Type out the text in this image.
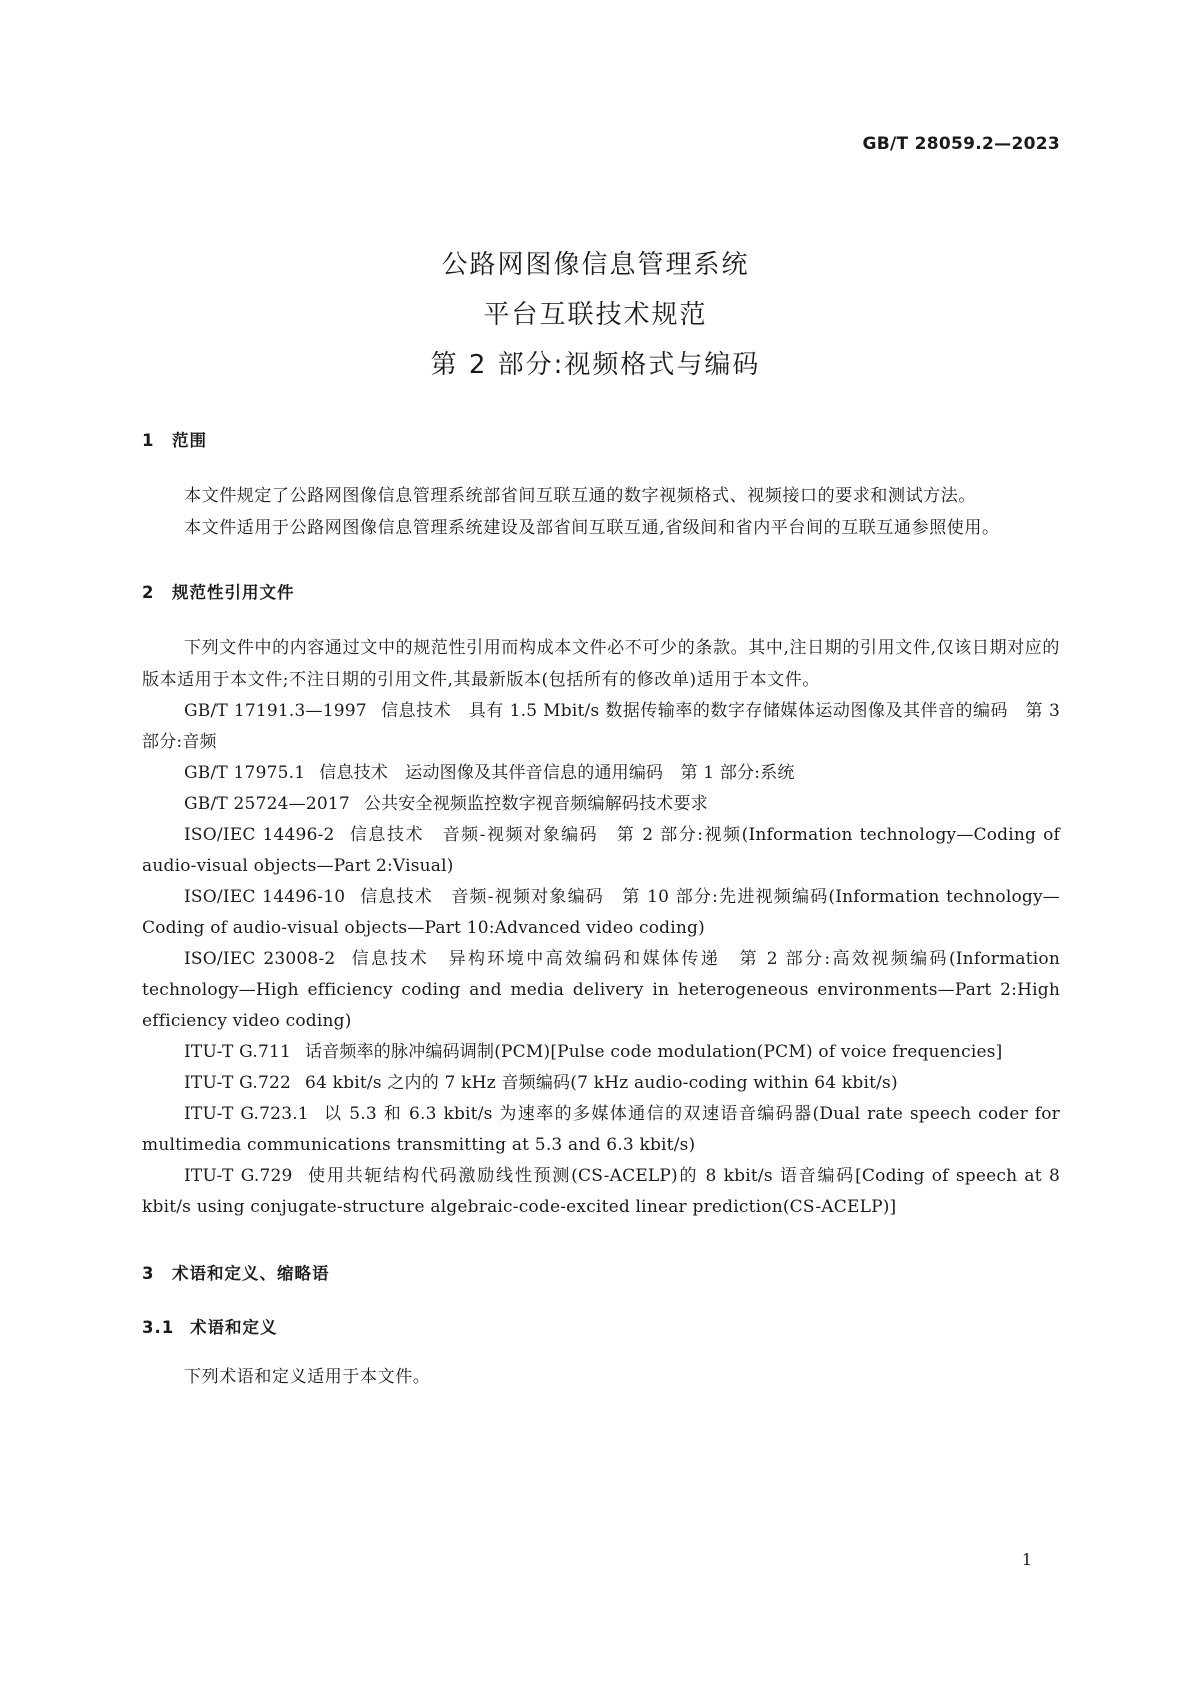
GB/T 28059.2—2023
公路网图像信息管理系统
平台互联技术规范
第 2 部分:视频格式与编码
1 范围
本文件规定了公路网图像信息管理系统部省间互联互通的数字视频格式、视频接口的要求和测试方法。
本文件适用于公路网图像信息管理系统建设及部省间互联互通,省级间和省内平台间的互联互通参照使用。
2 规范性引用文件
下列文件中的内容通过文中的规范性引用而构成本文件必不可少的条款。其中,注日期的引用文件,仅该日期对应的版本适用于本文件;不注日期的引用文件,其最新版本(包括所有的修改单)适用于本文件。
GB/T 17191.3—1997 信息技术　具有 1.5 Mbit/s 数据传输率的数字存储媒体运动图像及其伴音的编码　第 3 部分:音频
GB/T 17975.1 信息技术　运动图像及其伴音信息的通用编码　第 1 部分:系统
GB/T 25724—2017 公共安全视频监控数字视音频编解码技术要求
ISO/IEC 14496-2 信息技术　音频-视频对象编码　第 2 部分:视频(Information technology—Coding of audio-visual objects—Part 2:Visual)
ISO/IEC 14496-10 信息技术　音频-视频对象编码　第 10 部分:先进视频编码(Information technology—Coding of audio-visual objects—Part 10:Advanced video coding)
ISO/IEC 23008-2 信息技术　异构环境中高效编码和媒体传递　第 2 部分:高效视频编码(Information technology—High efficiency coding and media delivery in heterogeneous environments—Part 2:High efficiency video coding)
ITU-T G.711 话音频率的脉冲编码调制(PCM)[Pulse code modulation(PCM) of voice frequencies]
ITU-T G.722 64 kbit/s 之内的 7 kHz 音频编码(7 kHz audio-coding within 64 kbit/s)
ITU-T G.723.1 以 5.3 和 6.3 kbit/s 为速率的多媒体通信的双速语音编码器(Dual rate speech coder for multimedia communications transmitting at 5.3 and 6.3 kbit/s)
ITU-T G.729 使用共轭结构代码激励线性预测(CS-ACELP)的 8 kbit/s 语音编码[Coding of speech at 8 kbit/s using conjugate-structure algebraic-code-excited linear prediction(CS-ACELP)]
3 术语和定义、缩略语
3.1 术语和定义
下列术语和定义适用于本文件。
1
